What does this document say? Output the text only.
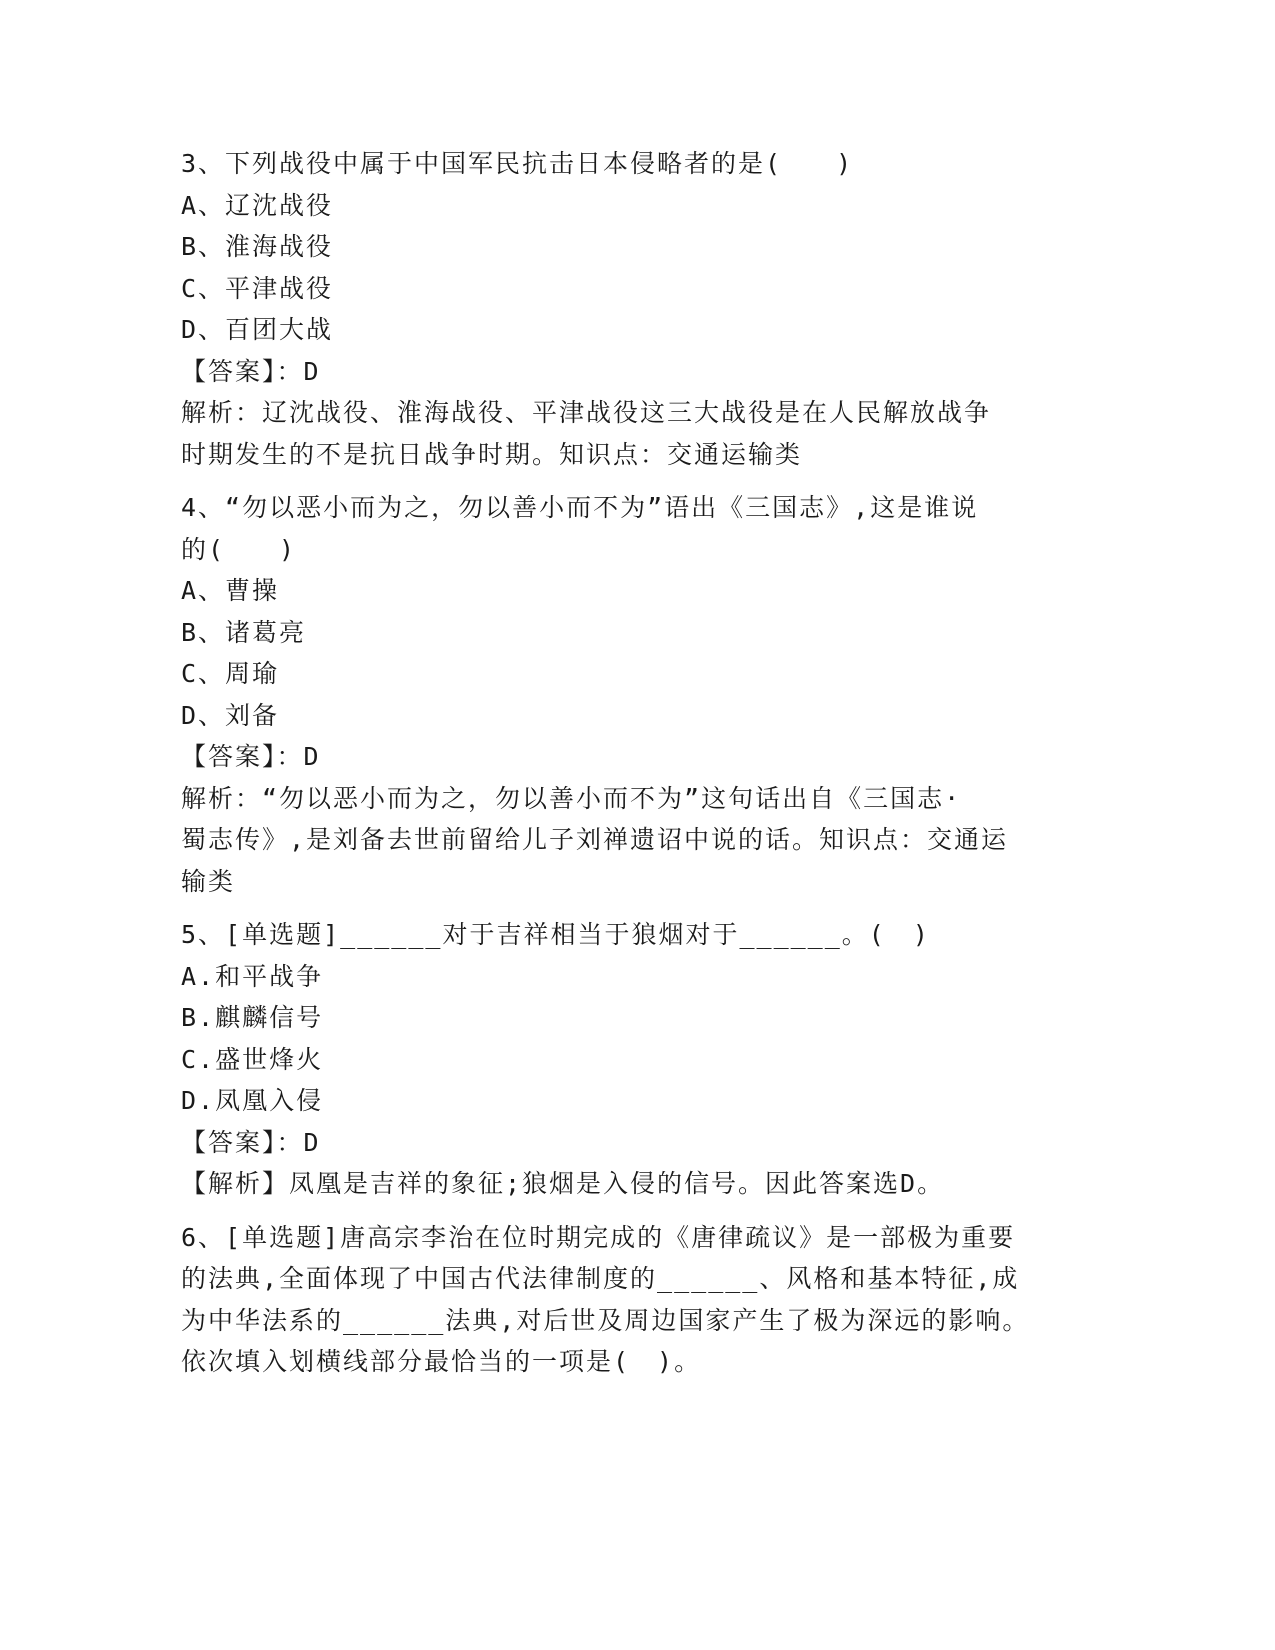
3、下列战役中属于中国军民抗击日本侵略者的是(　　)

A、辽沈战役

B、淮海战役

C、平津战役

D、百团大战

【答案】：D

解析：辽沈战役、淮海战役、平津战役这三大战役是在人民解放战争

时期发生的不是抗日战争时期。知识点：交通运输类

4、“勿以恶小而为之，勿以善小而不为”语出《三国志》,这是谁说

的(　　)

A、曹操

B、诸葛亮

C、周瑜

D、刘备

【答案】：D

解析：“勿以恶小而为之，勿以善小而不为”这句话出自《三国志·

蜀志传》,是刘备去世前留给儿子刘禅遗诏中说的话。知识点：交通运

输类

5、[单选题]______对于吉祥相当于狼烟对于______。(　)

A.和平战争

B.麒麟信号

C.盛世烽火

D.凤凰入侵

【答案】：D

【解析】凤凰是吉祥的象征;狼烟是入侵的信号。因此答案选D。

6、[单选题]唐高宗李治在位时期完成的《唐律疏议》是一部极为重要

的法典,全面体现了中国古代法律制度的______、风格和基本特征,成

为中华法系的______法典,对后世及周边国家产生了极为深远的影响。

依次填入划横线部分最恰当的一项是(　)。
